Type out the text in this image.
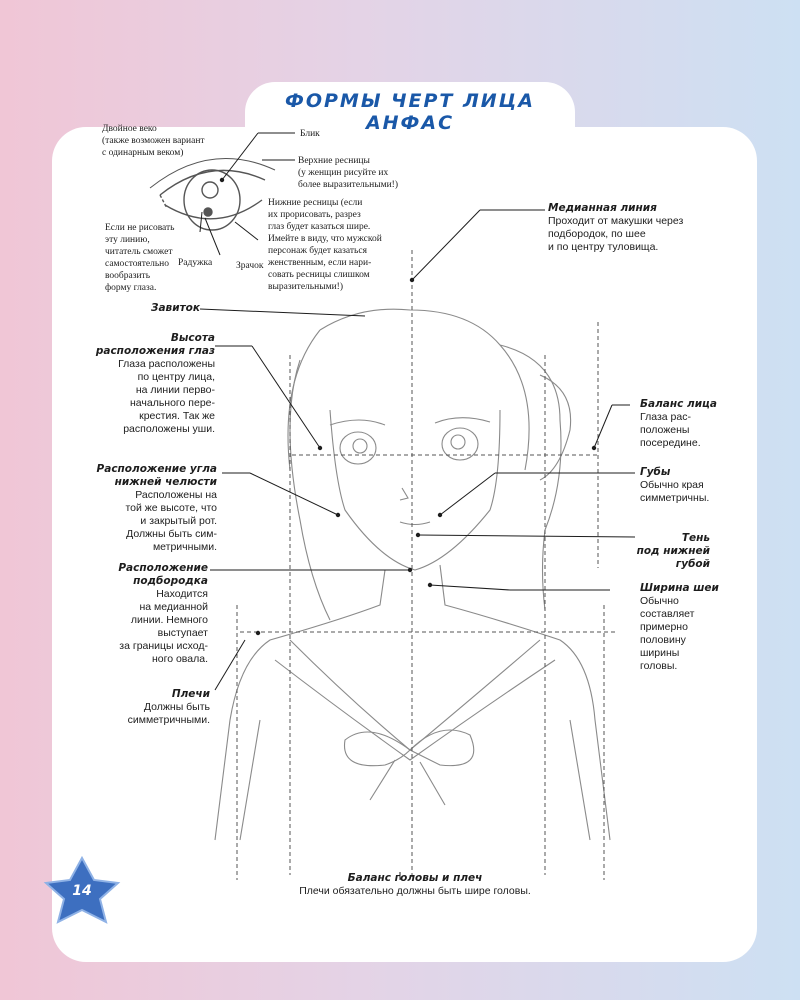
ФОРМЫ ЧЕРТ ЛИЦА АНФАС
Двойное веко
(также возможен вариант
с одинарным веком)
Блик
Верхние ресницы
(у женщин рисуйте их
более выразительными!)
Нижние ресницы (если
их прорисовать, разрез
глаз будет казаться шире.
Имейте в виду, что мужской
персонаж будет казаться
женственным, если нари-
совать ресницы слишком
выразительными!)
Если не рисовать
эту линию,
читатель сможет
самостоятельно
вообразить
форму глаза.
Радужка	Зрачок
Медианная линия
Проходит от макушки через
подбородок, по шее
и по центру туловища.
Завиток
Высота
расположения глаз
Глаза расположены
по центру лица,
на линии перво-
начального пере-
крестия. Так же
расположены уши.
Баланс лица
Глаза рас-
положены
посередине.
Расположение угла
нижней челюсти
Расположены на
той же высоте, что
и закрытый рот.
Должны быть сим-
метричными.
Губы
Обычно края
симметричны.
Тень
под нижней
губой
Расположение
подбородка
Находится
на медианной
линии. Немного
выступает
за границы исход-
ного овала.
Ширина шеи
Обычно
составляет
примерно
половину
ширины
головы.
Плечи
Должны быть
симметричными.
Баланс головы и плеч
Плечи обязательно должны быть шире головы.
14
